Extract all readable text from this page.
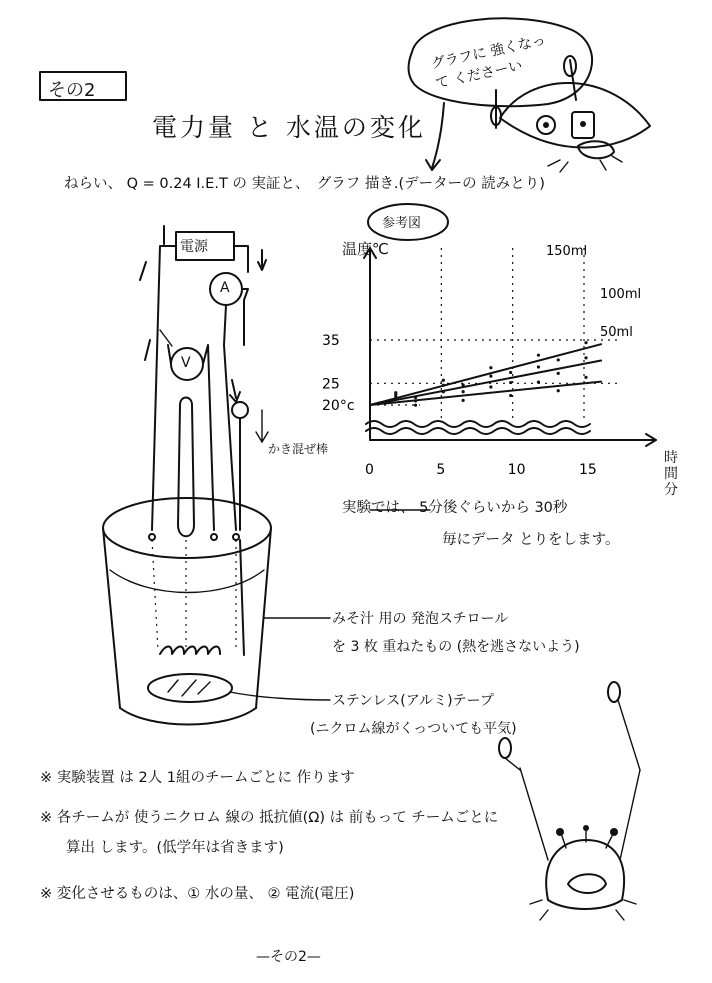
0	5	10	15
20°c
25
35
150ml
100ml
50ml
その2
電力量 と 水温の変化
グラフに 強くなって くださーい
ねらい、 Q = 0.24 I.E.T の 実証と、　グラフ 描き.(データーの 読みとり)
電源
A
V
かき混ぜ棒
みそ汁 用の 発泡スチロール
を 3 枚 重ねたもの (熱を逃さないよう)
ステンレス(アルミ)テープ
(ニクロム線がくっついても平気)
参考図
温度℃
時間 分
実験では、 5分後ぐらいから 30秒
毎にデータ とりをします。
※ 実験装置 は 2人 1組のチームごとに 作ります
※ 各チームが 使うニクロム 線の 抵抗値(Ω) は 前もって チームごとに
算出 します。(低学年は省きます)
※ 変化させるものは、① 水の量、 ② 電流(電圧)
—その2—
